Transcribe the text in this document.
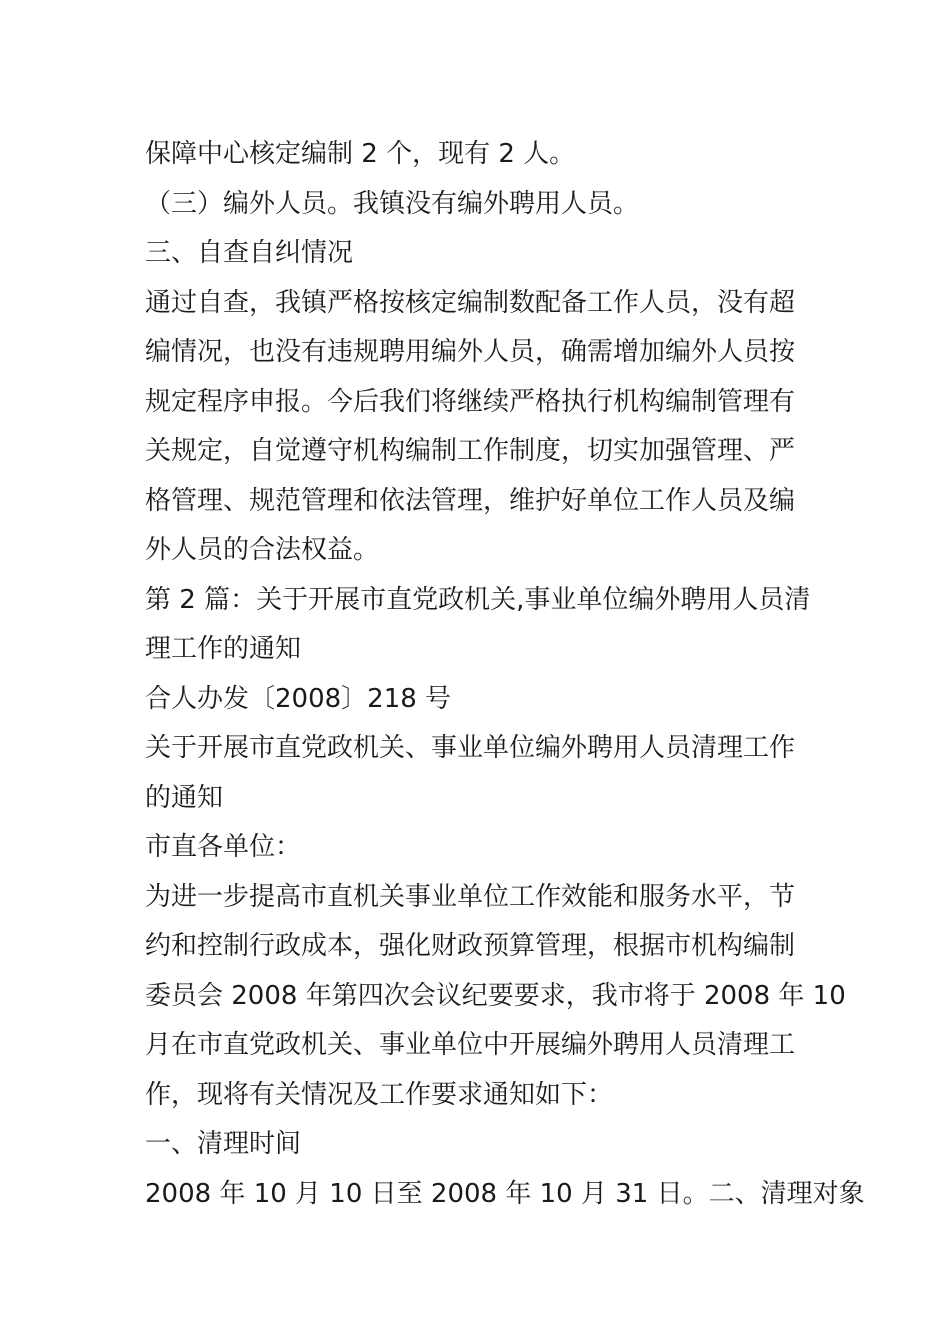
保障中心核定编制 2 个，现有 2 人。
（三）编外人员。我镇没有编外聘用人员。
三、自查自纠情况
通过自查，我镇严格按核定编制数配备工作人员，没有超
编情况，也没有违规聘用编外人员，确需增加编外人员按
规定程序申报。今后我们将继续严格执行机构编制管理有
关规定，自觉遵守机构编制工作制度，切实加强管理、严
格管理、规范管理和依法管理，维护好单位工作人员及编
外人员的合法权益。
第 2 篇：关于开展市直党政机关,事业单位编外聘用人员清
理工作的通知
合人办发〔2008〕218 号
关于开展市直党政机关、事业单位编外聘用人员清理工作
的通知
市直各单位：
为进一步提高市直机关事业单位工作效能和服务水平，节
约和控制行政成本，强化财政预算管理，根据市机构编制
委员会 2008 年第四次会议纪要要求，我市将于 2008 年 10
月在市直党政机关、事业单位中开展编外聘用人员清理工
作，现将有关情况及工作要求通知如下：
一、清理时间
2008 年 10 月 10 日至 2008 年 10 月 31 日。二、清理对象
